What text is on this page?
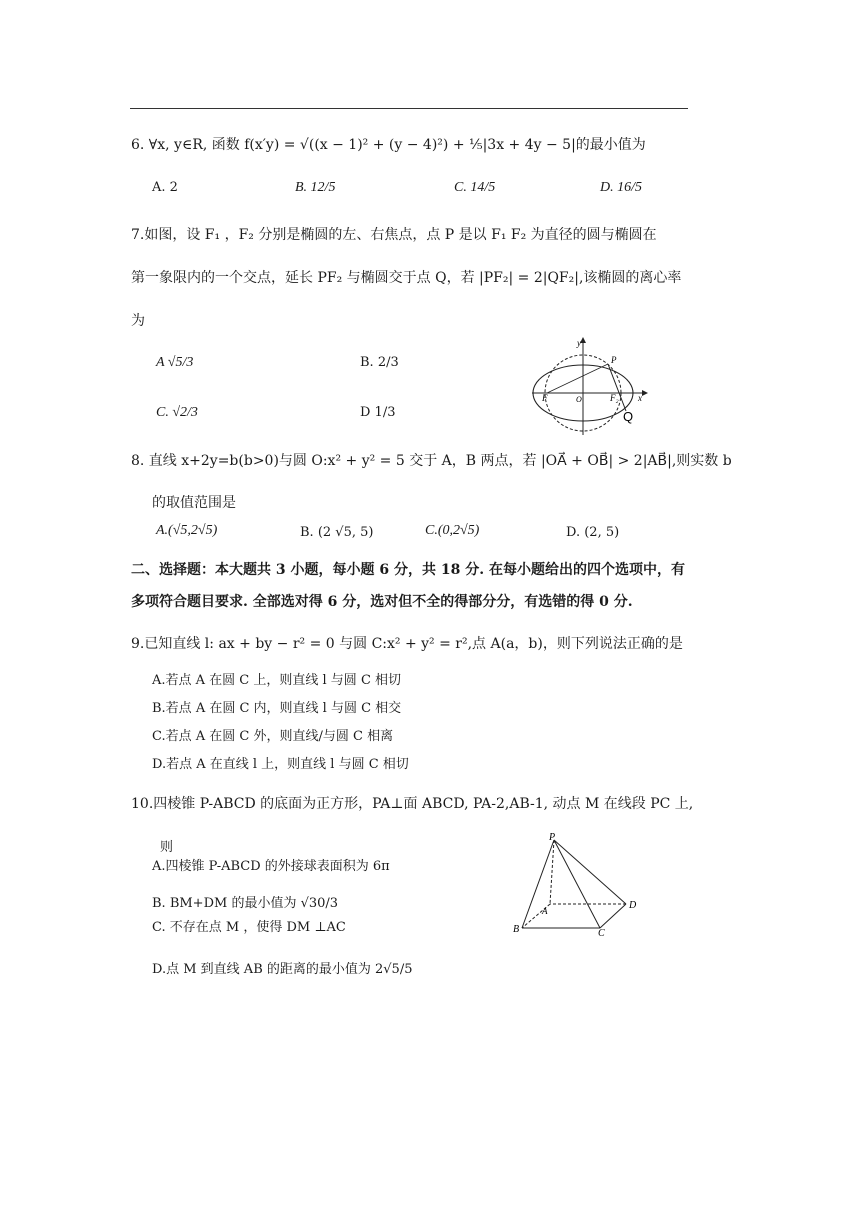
6. ∀x, y∈R, 函数 f(x′y) = √((x − 1)² + (y − 4)²) + ⅕|3x + 4y − 5|的最小值为
A. 2	B. 12/5	C. 14/5	D. 16/5
7.如图，设 F₁ ，F₂ 分别是椭圆的左、右焦点，点 P 是以 F₁ F₂ 为直径的圆与椭圆在
第一象限内的一个交点，延长 PF₂ 与椭圆交于点 Q，若 |PF₂| = 2|QF₂|,该椭圆的离心率
为
A √5/3	B. 2/3
C. √2/3	D 1/3
y
P
F	O	F₂ x
Q
8. 直线 x+2y=b(b>0)与圆 O:x² + y² = 5 交于 A，B 两点，若 |OA⃗ + OB⃗| > 2|AB⃗|,则实数 b
的取值范围是
A.(√5,2√5)	B. (2 √5, 5)	C.(0,2√5)	D. (2, 5)
二、选择题：本大题共 3 小题，每小题 6 分，共 18 分. 在每小题给出的四个选项中，有
多项符合题目要求. 全部选对得 6 分，选对但不全的得部分分，有选错的得 0 分.
9.已知直线 l: ax + by − r² = 0 与圆 C:x² + y² = r²,点 A(a，b)，则下列说法正确的是
A.若点 A 在圆 C 上，则直线 l 与圆 C 相切
B.若点 A 在圆 C 内，则直线 l 与圆 C 相交
C.若点 A 在圆 C 外，则直线/与圆 C 相离
D.若点 A 在直线 l 上，则直线 l 与圆 C 相切
10.四棱锥 P-ABCD 的底面为正方形，PA⊥面 ABCD, PA-2,AB-1, 动点 M 在线段 PC 上,
则
A.四棱锥 P-ABCD 的外接球表面积为 6π
B. BM+DM 的最小值为 √30/3
C. 不存在点 M ，使得 DM ⊥AC
D.点 M 到直线 AB 的距离的最小值为 2√5/5
P
A
B	C
D
